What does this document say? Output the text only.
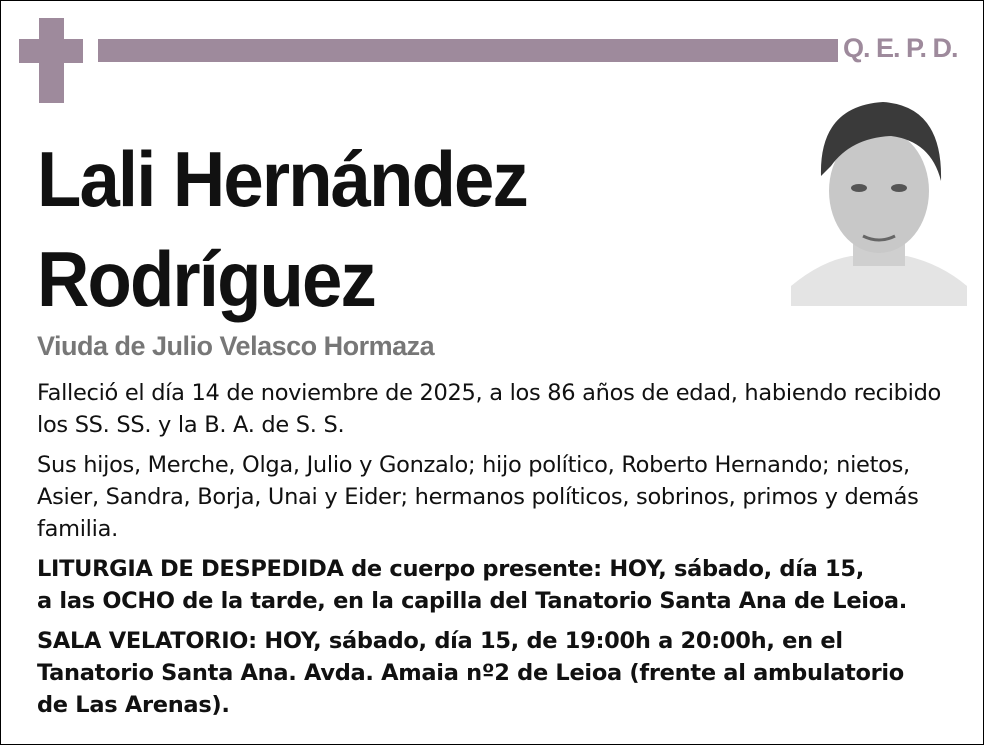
Q. E. P. D.
Lali Hernández
Rodríguez
Viuda de Julio Velasco Hormaza

Falleció el día 14 de noviembre de 2025, a los 86 años de edad, habiendo recibido los SS. SS. y la B. A. de S. S.

Sus hijos, Merche, Olga, Julio y Gonzalo; hijo político, Roberto Hernando; nietos, Asier, Sandra, Borja, Unai y Eider; hermanos políticos, sobrinos, primos y demás familia.

LITURGIA DE DESPEDIDA de cuerpo presente: HOY, sábado, día 15,
a las OCHO de la tarde, en la capilla del Tanatorio Santa Ana de Leioa.

SALA VELATORIO: HOY, sábado, día 15, de 19:00h a 20:00h, en el
Tanatorio Santa Ana. Avda. Amaia nº2 de Leioa (frente al ambulatorio
de Las Arenas).
